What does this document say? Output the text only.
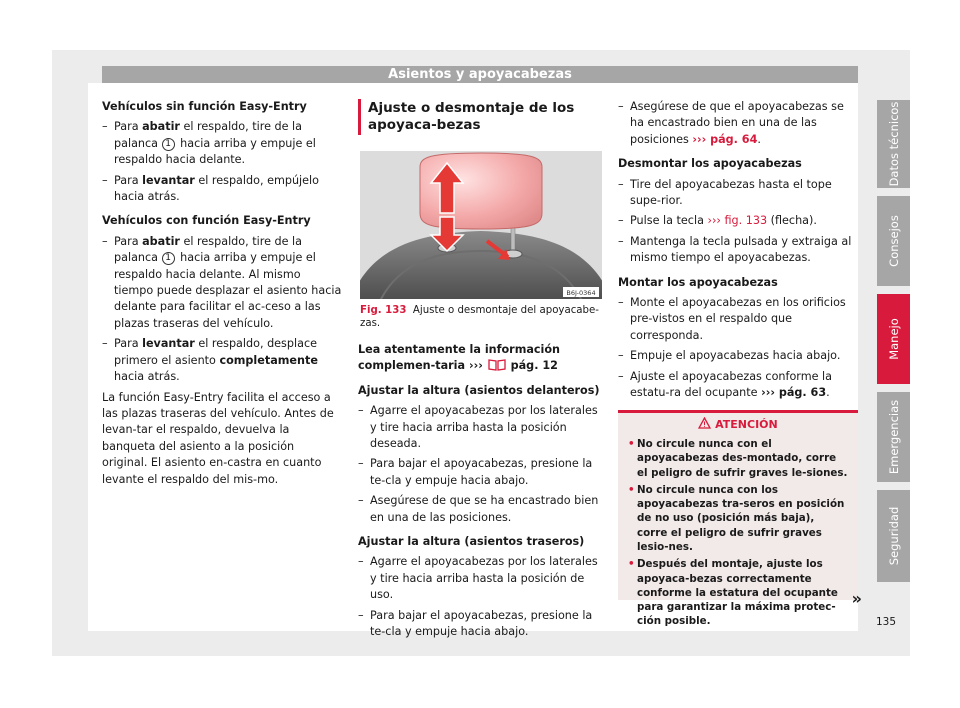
Asientos y apoyacabezas
Vehículos sin función Easy-Entry
– Para abatir el respaldo, tire de la palanca 1 hacia arriba y empuje el respaldo hacia delante.
– Para levantar el respaldo, empújelo hacia atrás.
Vehículos con función Easy-Entry
– Para abatir el respaldo, tire de la palanca 1 hacia arriba y empuje el respaldo hacia delante. Al mismo tiempo puede desplazar el asiento hacia delante para facilitar el ac-ceso a las plazas traseras del vehículo.
– Para levantar el respaldo, desplace primero el asiento completamente hacia atrás.
La función Easy-Entry facilita el acceso a las plazas traseras del vehículo. Antes de levan-tar el respaldo, devuelva la banqueta del asiento a la posición original. El asiento en-castra en cuanto levante el respaldo del mis-mo.
Ajuste o desmontaje de los apoyaca-bezas
B6J-0364
Fig. 133 Ajuste o desmontaje del apoyacabe-zas.
Lea atentamente la información complemen-taria ››› pág. 12
Ajustar la altura (asientos delanteros)
– Agarre el apoyacabezas por los laterales y tire hacia arriba hasta la posición deseada.
– Para bajar el apoyacabezas, presione la te-cla y empuje hacia abajo.
– Asegúrese de que se ha encastrado bien en una de las posiciones.
Ajustar la altura (asientos traseros)
– Agarre el apoyacabezas por los laterales y tire hacia arriba hasta la posición de uso.
– Para bajar el apoyacabezas, presione la te-cla y empuje hacia abajo.
– Asegúrese de que el apoyacabezas se ha encastrado bien en una de las posiciones ››› pág. 64.
Desmontar los apoyacabezas
– Tire del apoyacabezas hasta el tope supe-rior.
– Pulse la tecla ››› fig. 133 (flecha).
– Mantenga la tecla pulsada y extraiga al mismo tiempo el apoyacabezas.
Montar los apoyacabezas
– Monte el apoyacabezas en los orificios pre-vistos en el respaldo que corresponda.
– Empuje el apoyacabezas hacia abajo.
– Ajuste el apoyacabezas conforme la estatu-ra del ocupante ››› pág. 63.
ATENCIÓN
• No circule nunca con el apoyacabezas des-montado, corre el peligro de sufrir graves le-siones.
• No circule nunca con los apoyacabezas tra-seros en posición de no uso (posición más baja), corre el peligro de sufrir graves lesio-nes.
• Después del montaje, ajuste los apoyaca-bezas correctamente conforme la estatura del ocupante para garantizar la máxima protec-ción posible.
»
Datos técnicos
Consejos
Manejo
Emergencias
Seguridad
135
